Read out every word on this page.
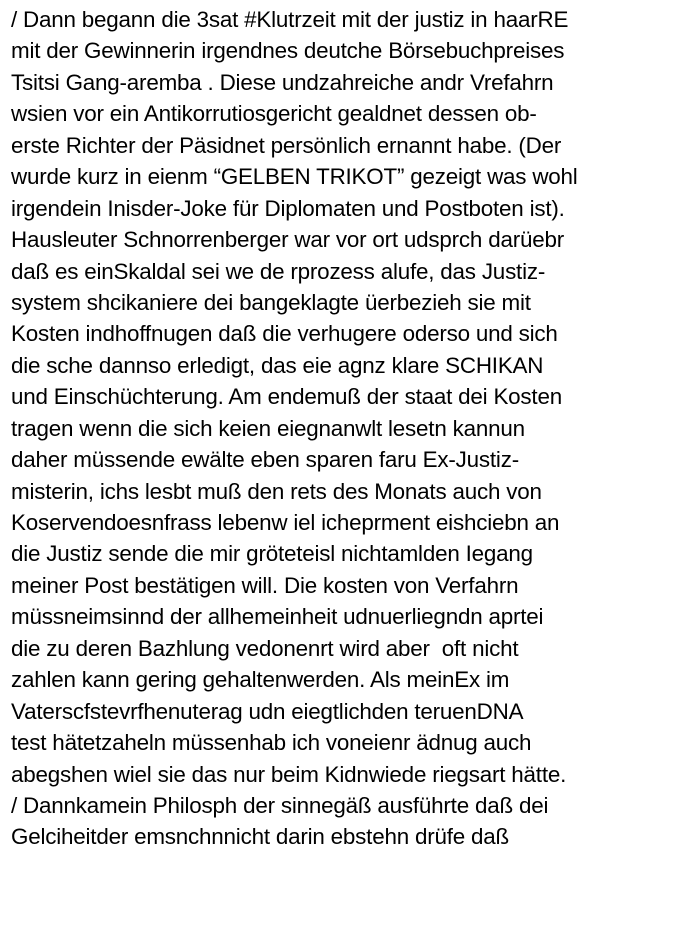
/ Dann begann die 3sat #Klutrzeit mit der justiz in haarRE
mit der Gewinnerin irgendnes deutche Börsebuchpreises
Tsitsi Gang-aremba . Diese undzahreiche andr Vrefahrn
wsien vor ein Antikorrutiosgericht gealdnet dessen ob-
erste Richter der Päsidnet persönlich ernannt habe. (Der
wurde kurz in eienm “GELBEN TRIKOT” gezeigt was wohl
irgendein Inisder-Joke für Diplomaten und Postboten ist).
Hausleuter Schnorrenberger war vor ort udsprch darüebr
daß es einSkaldal sei we de rprozess alufe, das Justiz-
system shcikaniere dei bangeklagte üerbezieh sie mit
Kosten indhoffnugen daß die verhugere oderso und sich
die sche dannso erledigt, das eie agnz klare SCHIKAN
und Einschüchterung. Am endemuß der staat dei Kosten
tragen wenn die sich keien eiegnanwlt lesetn kannun
daher müssende ewälte eben sparen faru Ex-Justiz-
misterin, ichs lesbt muß den rets des Monats auch von
Koservendoesnfrass lebenw iel icheprment eishciebn an
die Justiz sende die mir gröteteisl nichtamlden Iegang
meiner Post bestätigen will. Die kosten von Verfahrn
müssneimsinnd der allhemeinheit udnuerliegndn aprtei
die zu deren Bazhlung vedonenrt wird aber  oft nicht
zahlen kann gering gehaltenwerden. Als meinEx im
Vaterscfstevrfhenuterag udn eiegtlichden teruenDNA
test hätetzaheln müssenhab ich voneienr ädnug auch
abegshen wiel sie das nur beim Kidnwiede riegsart hätte.
/ Dannkamein Philosph der sinnegäß ausführte daß dei
Gelciheitder emsnchnnicht darin ebstehn drüfe daß
